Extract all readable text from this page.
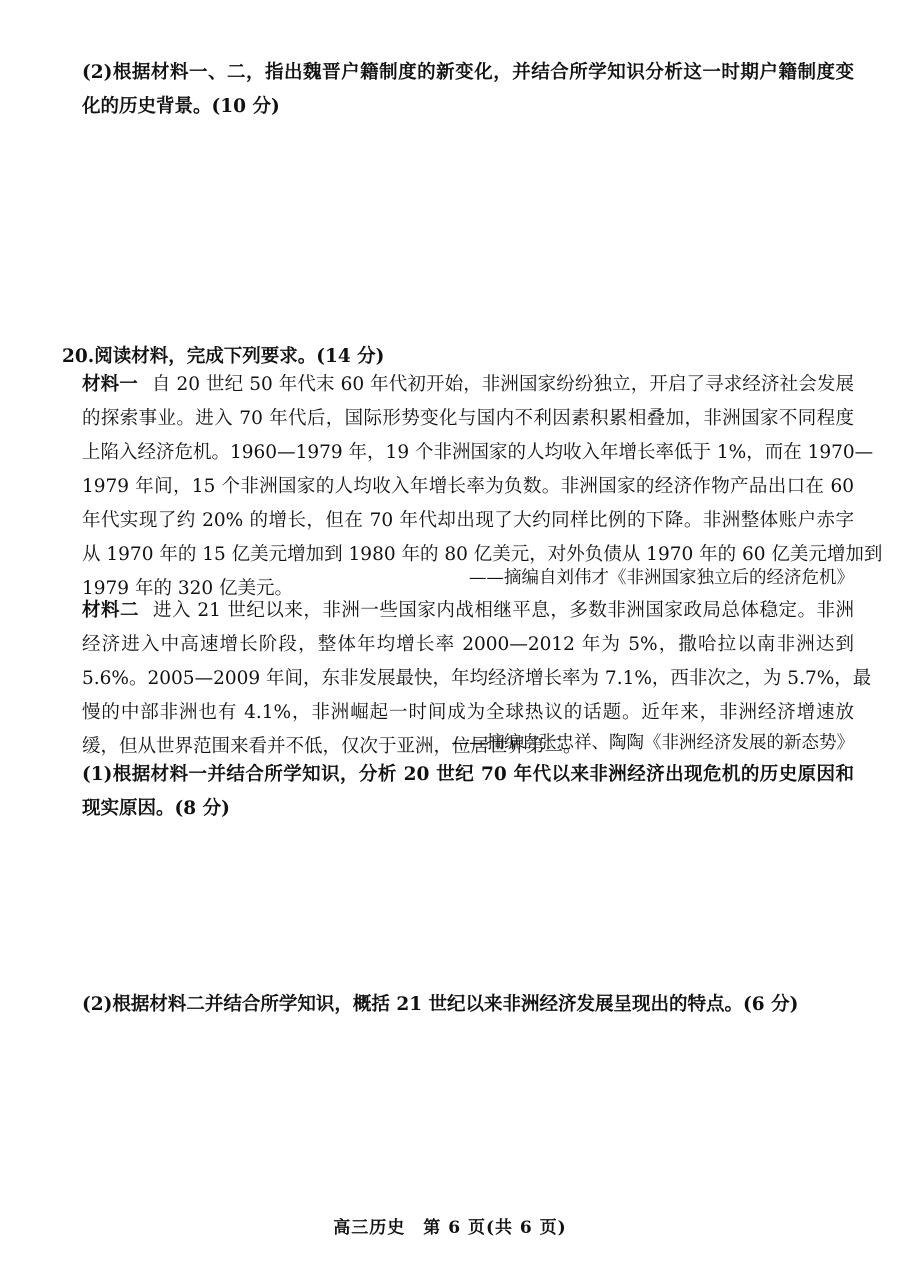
(2)根据材料一、二，指出魏晋户籍制度的新变化，并结合所学知识分析这一时期户籍制度变
化的历史背景。(10 分)
20.阅读材料，完成下列要求。(14 分)
材料一 自 20 世纪 50 年代末 60 年代初开始，非洲国家纷纷独立，开启了寻求经济社会发展
的探索事业。进入 70 年代后，国际形势变化与国内不利因素积累相叠加，非洲国家不同程度
上陷入经济危机。1960—1979 年，19 个非洲国家的人均收入年增长率低于 1%，而在 1970—
1979 年间，15 个非洲国家的人均收入年增长率为负数。非洲国家的经济作物产品出口在 60
年代实现了约 20% 的增长，但在 70 年代却出现了大约同样比例的下降。非洲整体账户赤字
从 1970 年的 15 亿美元增加到 1980 年的 80 亿美元，对外负债从 1970 年的 60 亿美元增加到
1979 年的 320 亿美元。	——摘编自刘伟才《非洲国家独立后的经济危机》
材料二 进入 21 世纪以来，非洲一些国家内战相继平息，多数非洲国家政局总体稳定。非洲
经济进入中高速增长阶段，整体年均增长率 2000—2012 年为 5%，撒哈拉以南非洲达到
5.6%。2005—2009 年间，东非发展最快，年均经济增长率为 7.1%，西非次之，为 5.7%，最
慢的中部非洲也有 4.1%，非洲崛起一时间成为全球热议的话题。近年来，非洲经济增速放
缓，但从世界范围来看并不低，仅次于亚洲，位居世界第二。
——摘编自张忠祥、陶陶《非洲经济发展的新态势》
(1)根据材料一并结合所学知识，分析 20 世纪 70 年代以来非洲经济出现危机的历史原因和
现实原因。(8 分)
(2)根据材料二并结合所学知识，概括 21 世纪以来非洲经济发展呈现出的特点。(6 分)
高三历史　第 6 页(共 6 页)
